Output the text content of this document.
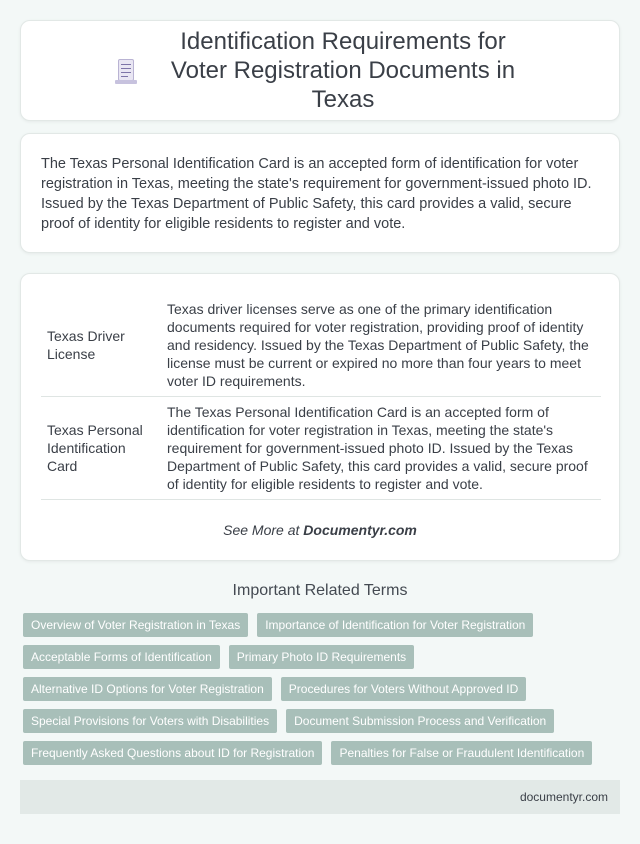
Identification Requirements for Voter Registration Documents in Texas

The Texas Personal Identification Card is an accepted form of identification for voter registration in Texas, meeting the state's requirement for government-issued photo ID. Issued by the Texas Department of Public Safety, this card provides a valid, secure proof of identity for eligible residents to register and vote.

Texas Driver License	Texas driver licenses serve as one of the primary identification documents required for voter registration, providing proof of identity and residency. Issued by the Texas Department of Public Safety, the license must be current or expired no more than four years to meet voter ID requirements.
Texas Personal Identification Card	The Texas Personal Identification Card is an accepted form of identification for voter registration in Texas, meeting the state's requirement for government-issued photo ID. Issued by the Texas Department of Public Safety, this card provides a valid, secure proof of identity for eligible residents to register and vote.
See More at Documentyr.com
Important Related Terms
Overview of Voter Registration in Texas	Importance of Identification for Voter Registration
Acceptable Forms of Identification	Primary Photo ID Requirements
Alternative ID Options for Voter Registration	Procedures for Voters Without Approved ID
Special Provisions for Voters with Disabilities	Document Submission Process and Verification
Frequently Asked Questions about ID for Registration	Penalties for False or Fraudulent Identification
documentyr.com
